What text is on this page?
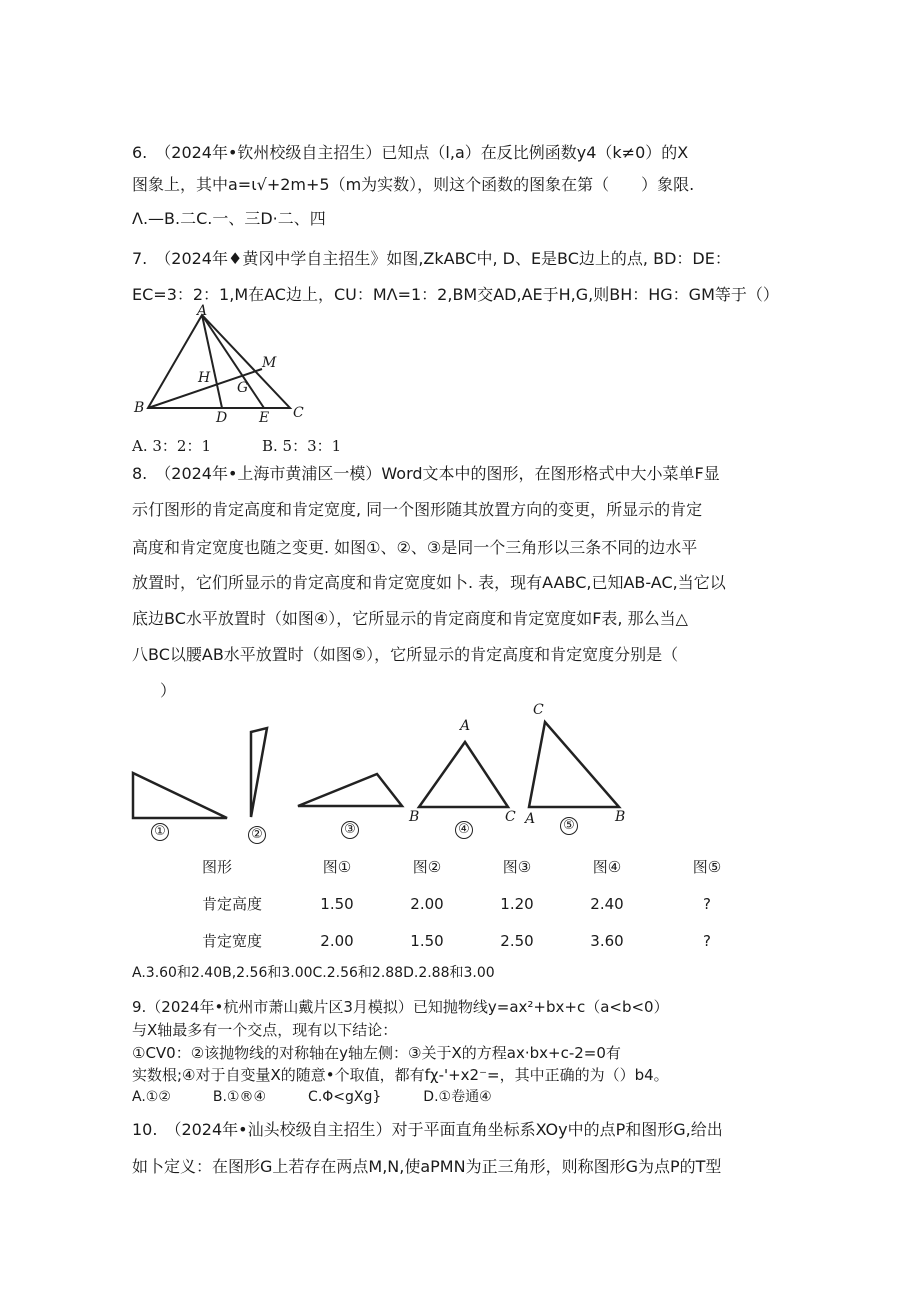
6.　（2024年•钦州校级自主招生）已知点（l,a）在反比例函数y4（k≠0）的X
图象上，其中a=ι√+2m+5（m为实数），则这个函数的图象在第（　　）象限.
Λ.—B.二C.一、三D·二、四
7.　（2024年♦黄冈中学自主招生》如图,ZkABC中, D、E是BC边上的点, BD：DE：
EC=3：2：1,M在AC边上，CU：MΛ=1：2,BM交AD,AE于H,G,则BH：HG：GM等于（）
A
M
H
G
B
D E C
A. 3：2：1	B. 5：3：1
8.　（2024年•上海市黄浦区一模）Word文本中的图形，在图形格式中大小菜单F显
示仃图形的肯定高度和肯定宽度, 同一个图形随其放置方向的变更，所显示的肯定
高度和肯定宽度也随之变更. 如图①、②、③是同一个三角形以三条不同的边水平
放置时，它们所显示的肯定高度和肯定宽度如卜. 表，现有AABC,已知AB-AC,当它以
底边BC水平放置时（如图④），它所显示的肯定商度和肯定宽度如F表, 那么当△
八BC以腰AB水平放置时（如图⑤），它所显示的肯定高度和肯定宽度分别是（
）
①	②	③	④	⑤
A
B	C
C
A	B
图形	图①	图②	图③	图④	图⑤
肯定高度	1.50	2.00	1.20	2.40	?
肯定宽度	2.00	1.50	2.50	3.60	?
A.3.60和2.40B,2.56和3.00C.2.56和2.88D.2.88和3.00
9.（2024年•杭州市萧山戴片区3月模拟）已知抛物线y=ax²+bx+c（a<b<0）
与X轴最多有一个交点，现有以下结论：
①CV0：②该抛物线的对称轴在y轴左侧：③关于X的方程ax·bx+c-2=0有
实数根;④对于自变量X的随意•个取值，都有fχ-'+x2⁻=，其中正确的为（）b4。
A.①②　　　B.①®④　　　C.Φ<gXg}　　　D.①卷通④
10.　（2024年•汕头校级自主招生）对于平面直角坐标系XOy中的点P和图形G,给出
如卜定义：在图形G上若存在两点M,N,使aPMN为正三角形，则称图形G为点P的T型
